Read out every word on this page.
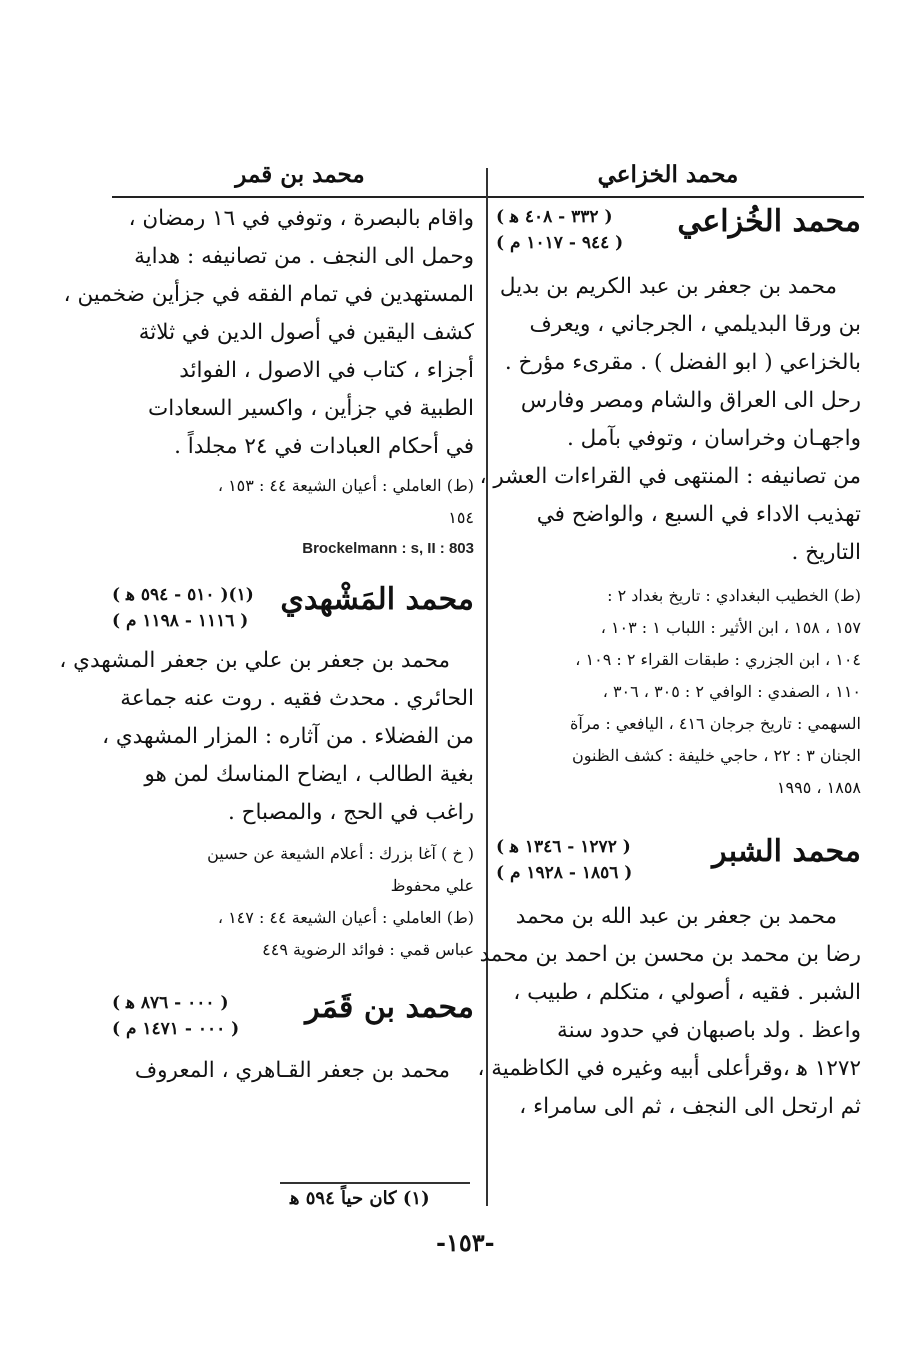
محمد الخزاعي
محمد بن قمر
محمد الخُزاعي
( ٣٣٢ - ٤٠٨ ﻫ )
( ٩٤٤ - ١٠١٧ م )
محمد بن جعفر بن عبد الكريم بن بديل
بن ورقا البديلمي ، الجرجاني ، ويعرف
بالخزاعي ( ابو الفضل ) . مقرىء مؤرخ .
رحل الى العراق والشام ومصر وفارس
واجهـان وخراسان ، وتوفي بآمل .
من تصانيفه : المنتهى في القراءات العشر ،
تهذيب الاداء في السبع ، والواضح في
التاريخ .
(ط) الخطيب البغدادي : تاريخ بغداد ٢ :
١٥٧ ، ١٥٨ ، ابن الأثير : اللباب ١ : ١٠٣ ،
١٠٤ ، ابن الجزري : طبقات القراء ٢ : ١٠٩ ،
١١٠ ، الصفدي : الوافي ٢ : ٣٠٥ ، ٣٠٦ ،
السهمي : تاريخ جرجان ٤١٦ ، اليافعي : مرآة
الجنان ٣ : ٢٢ ، حاجي خليفة : كشف الظنون
١٨٥٨ ، ١٩٩٥
محمد الشبر
( ١٢٧٢ - ١٣٤٦ ﻫ )
( ١٨٥٦ - ١٩٢٨ م )
محمد بن جعفر بن عبد الله بن محمد
رضا بن محمد بن محسن بن احمد بن محمد
الشبر . فقيه ، أصولي ، متكلم ، طبيب ،
واعظ . ولد باصبهان في حدود سنة
١٢٧٢ ﻫ ،وقرأعلى أبيه وغيره في الكاظمية ،
ثم ارتحل الى النجف ، ثم الى سامراء ،
واقام بالبصرة ، وتوفي في ١٦ رمضان ،
وحمل الى النجف . من تصانيفه : هداية
المستهدين في تمام الفقه في جزأين ضخمين ،
كشف اليقين في أصول الدين في ثلاثة
أجزاء ، كتاب في الاصول ، الفوائد
الطبية في جزأين ، واكسير السعادات
في أحكام العبادات في ٢٤ مجلداً .
(ط) العاملي : أعيان الشيعة ٤٤ : ١٥٣ ،
١٥٤
Brockelmann : s, II : 803
محمد المَشْهدي
(١)( ٥١٠ - ٥٩٤ ﻫ )
( ١١١٦ - ١١٩٨ م )
محمد بن جعفر بن علي بن جعفر المشهدي ،
الحائري . محدث فقيه . روت عنه جماعة
من الفضلاء . من آثاره : المزار المشهدي ،
بغية الطالب ، ايضاح المناسك لمن هو
راغب في الحج ، والمصباح .
( خ ) آغا بزرك : أعلام الشيعة عن حسين
علي محفوظ
(ط) العاملي : أعيان الشيعة ٤٤ : ١٤٧ ،
عباس قمي : فوائد الرضوية ٤٤٩
محمد بن قَمَر
( ٠٠٠ - ٨٧٦ ﻫ )
( ٠٠٠ - ١٤٧١ م )
محمد بن جعفر القـاهري ، المعروف
(١) كان حياً ٥٩٤ ﻫ
-١٥٣-
